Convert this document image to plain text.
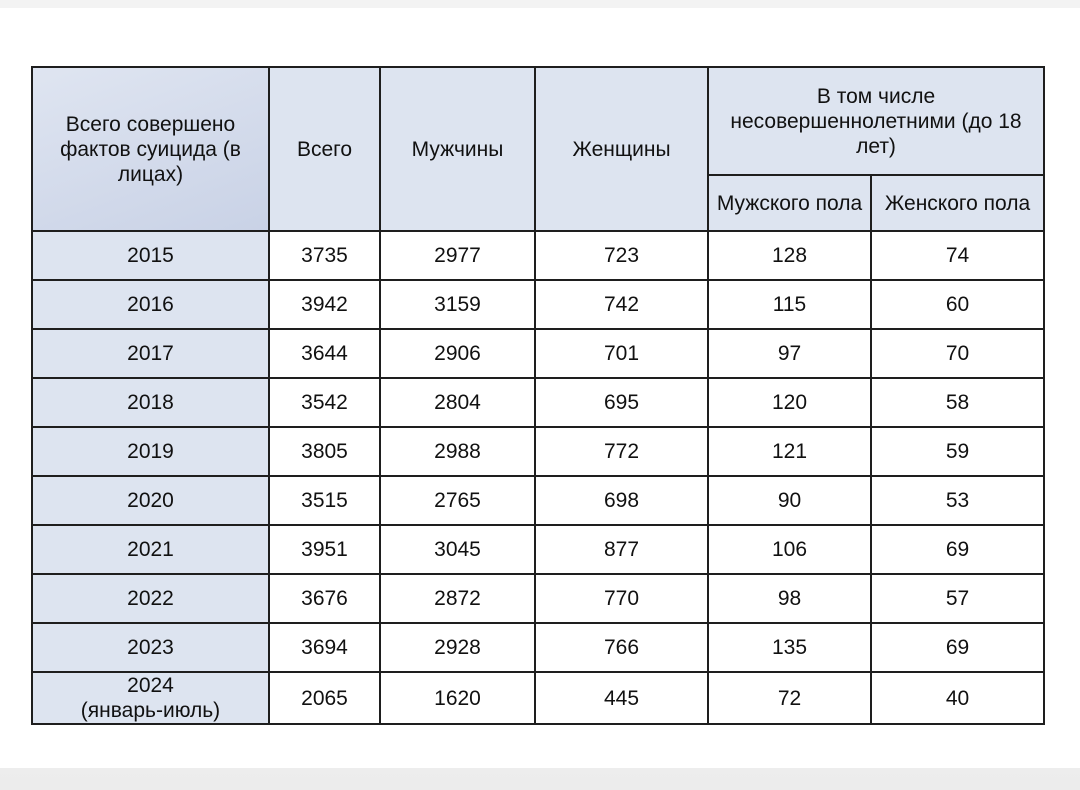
Всего совершено фактов суицида (в лицах)	Всего	Мужчины	Женщины	В том числе несовершеннолетними (до 18 лет)	
				Мужского пола	Женского пола

2015	3735	2977	723	128	74

2016	3942	3159	742	115	60

2017	3644	2906	701	97	70

2018	3542	2804	695	120	58

2019	3805	2988	772	121	59

2020	3515	2765	698	90	53

2021	3951	3045	877	106	69

2022	3676	2872	770	98	57

2023	3694	2928	766	135	69

2024
(январь-июль)	2065	1620	445	72	40
